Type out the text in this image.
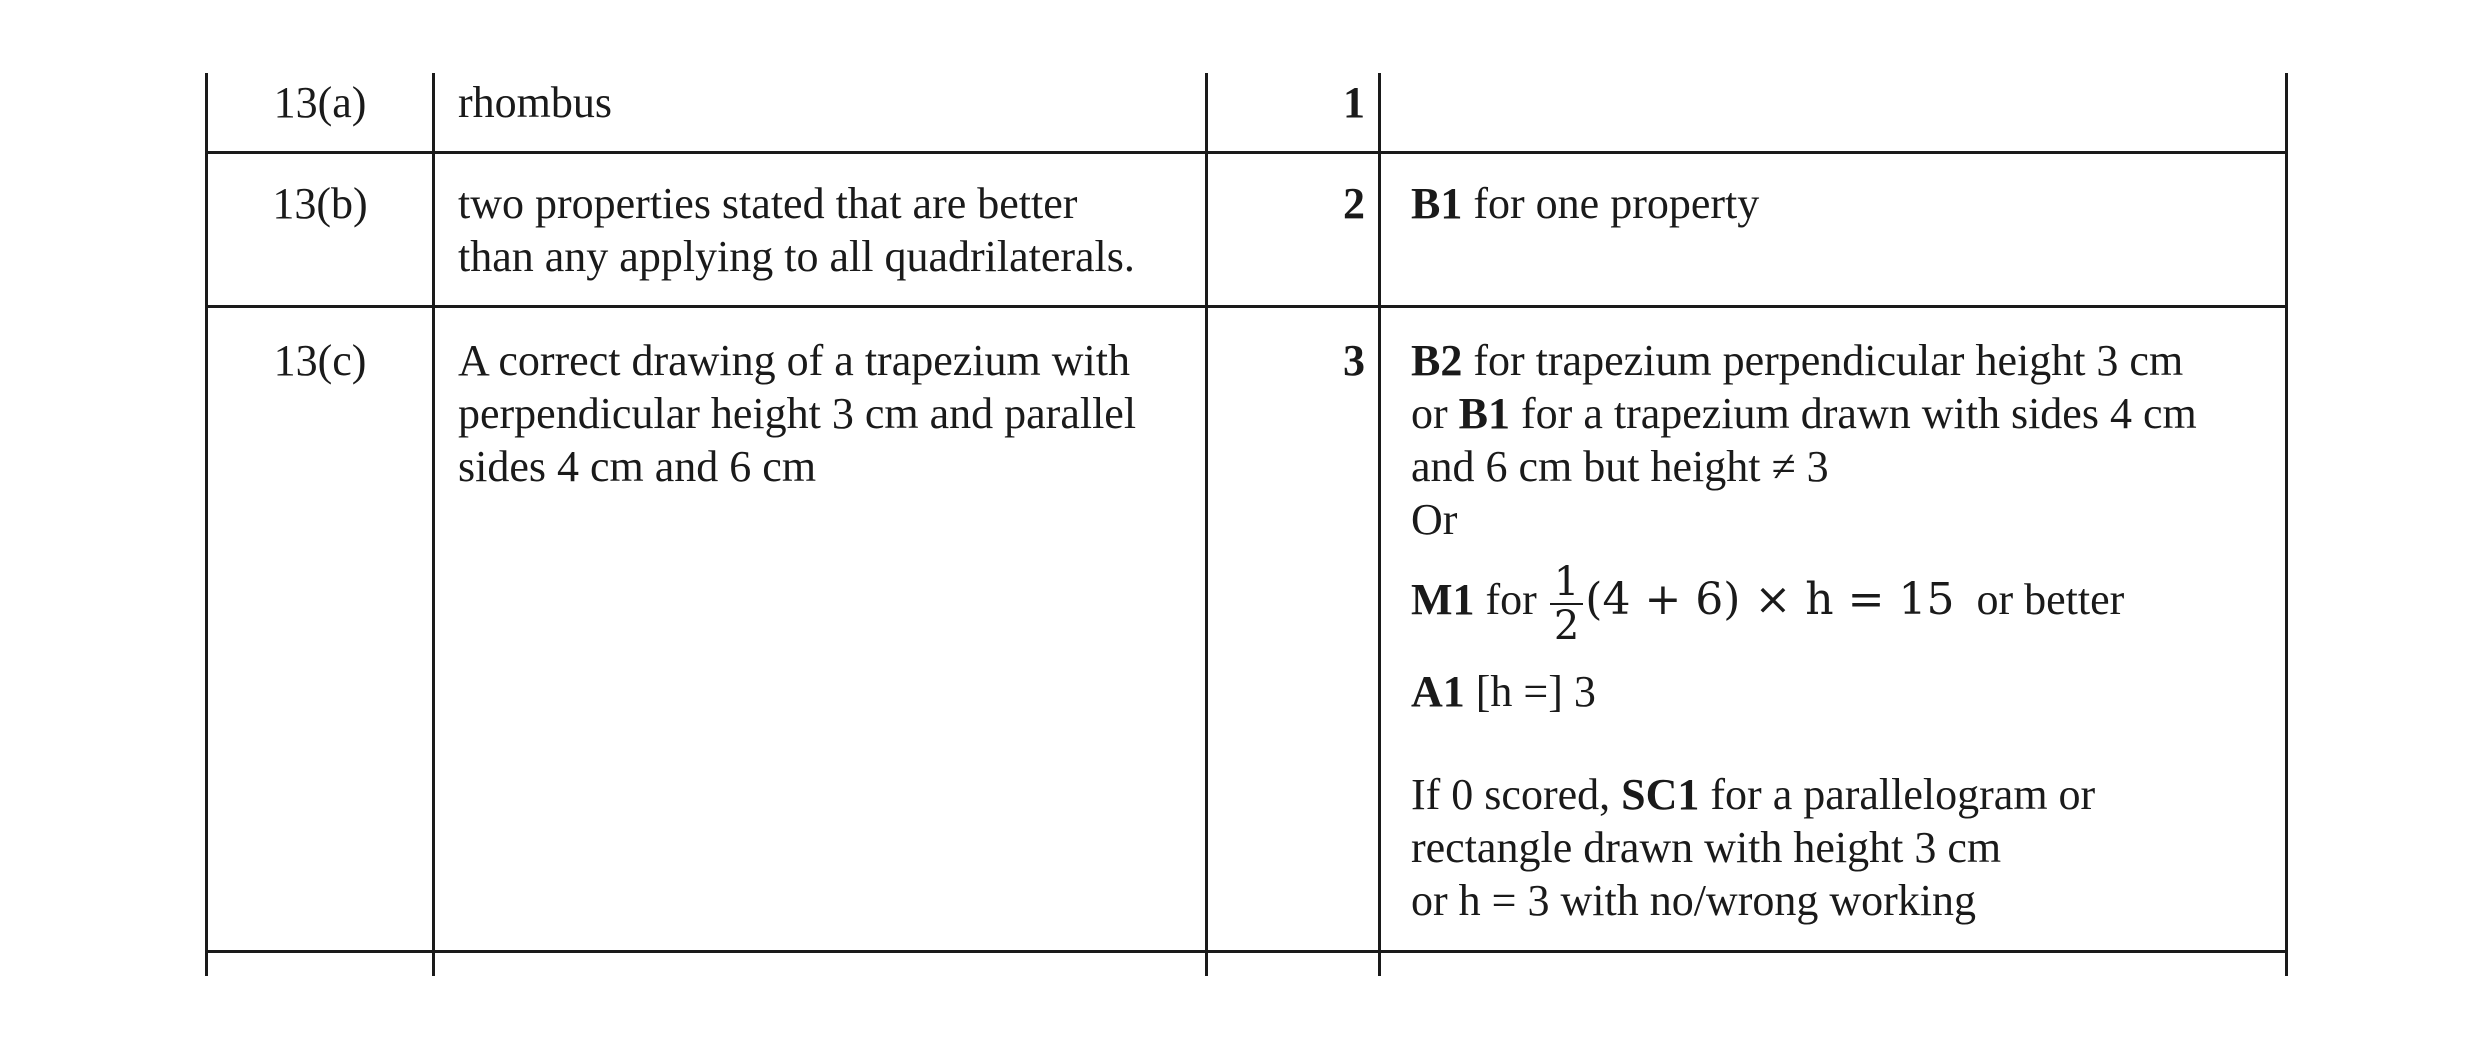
13(a)	rhombus	1
13(b)	two properties stated that are better
than any applying to all quadrilaterals.
2 B1 for one property
13(c)	A correct drawing of a trapezium with
perpendicular height 3 cm and parallel
sides 4 cm and 6 cm
3 B2 for trapezium perpendicular height 3 cm
or B1 for a trapezium drawn with sides 4 cm
and 6 cm but height ≠ 3
Or
M1 for $\frac{1}{2} (4 + 6) \times h = 15$  or better
A1 [h =] 3
If 0 scored, SC1 for a parallelogram or
rectangle drawn with height 3 cm
or h = 3 with no/wrong working
